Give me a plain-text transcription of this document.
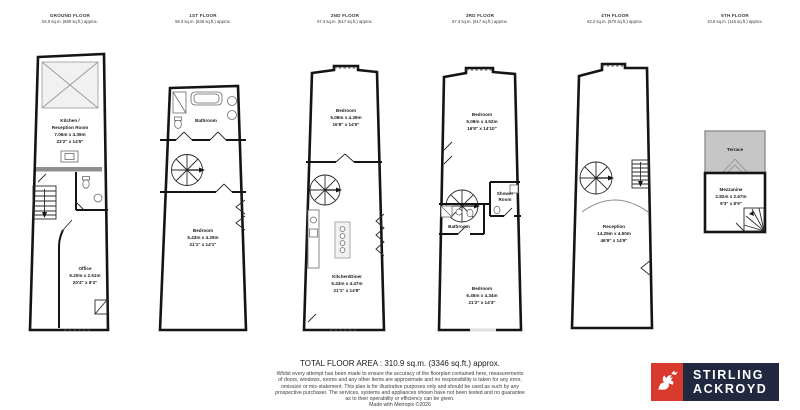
GROUND FLOOR
64.0 sq.m. (689 sq.ft.) approx.
1ST FLOOR
59.3 sq.m. (638 sq.ft.) approx.
2ND FLOOR
57.3 sq.m. (617 sq.ft.) approx.
3RD FLOOR
57.3 sq.m. (617 sq.ft.) approx.
4TH FLOOR
62.2 sq.m. (670 sq.ft.) approx.
5TH FLOOR
10.8 sq.m. (116 sq.ft.) approx.
Kitchen /
Reception Room
7.06m x 4.39m
23'2" x 14'5"
Office
6.20m x 2.51m
20'4" x 8'3"
Bathroom
Bedroom
6.43m x 4.29m
21'1" x 14'1"
Bedroom
5.08m x 4.39m
16'8" x 14'5"
Kitchen/Diner
6.43m x 4.47m
21'1" x 14'8"
Bedroom
5.08m x 4.52m
16'8" x 14'10"
Shower
Room
Bathroom
Bedroom
6.45m x 4.34m
21'2" x 14'3"
Reception
14.25m x 4.50m
46'9" x 14'9"
Terrace
Mezzanine
2.82m x 2.67m
9'3" x 8'9"
TOTAL FLOOR AREA : 310.9 sq.m. (3346 sq.ft.) approx.
Whilst every attempt has been made to ensure the accuracy of the floorplan contained here, measurements
of doors, windows, rooms and any other items are approximate and no responsibility is taken for any error,
omission or mis-statement. This plan is for illustrative purposes only and should be used as such by any
prospective purchaser. The services, systems and appliances shown have not been tested and no guarantee
as to their operability or efficiency can be given.
Made with Metropix ©2026
STIRLING
ACKROYD
